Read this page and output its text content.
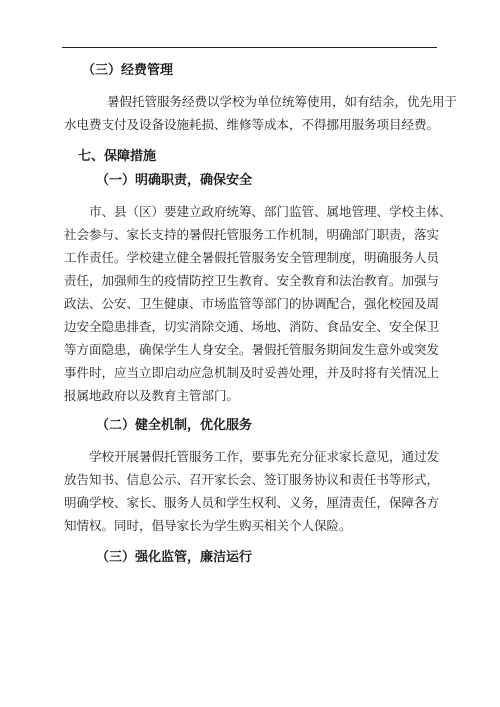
（三）经费管理

暑假托管服务经费以学校为单位统筹使用，如有结余，优先用于
水电费支付及设备设施耗损、维修等成本，不得挪用服务项目经费。

七、保障措施
（一）明确职责，确保安全

市、县（区）要建立政府统筹、部门监管、属地管理、学校主体、
社会参与、家长支持的暑假托管服务工作机制，明确部门职责，落实
工作责任。学校建立健全暑假托管服务安全管理制度，明确服务人员
责任，加强师生的疫情防控卫生教育、安全教育和法治教育。加强与
政法、公安、卫生健康、市场监管等部门的协调配合，强化校园及周
边安全隐患排查，切实消除交通、场地、消防、食品安全、安全保卫
等方面隐患，确保学生人身安全。暑假托管服务期间发生意外或突发
事件时，应当立即启动应急机制及时妥善处理，并及时将有关情况上
报属地政府以及教育主管部门。

（二）健全机制，优化服务

学校开展暑假托管服务工作，要事先充分征求家长意见，通过发
放告知书、信息公示、召开家长会、签订服务协议和责任书等形式，
明确学校、家长、服务人员和学生权利、义务，厘清责任，保障各方
知情权。同时，倡导家长为学生购买相关个人保险。

（三）强化监管，廉洁运行
